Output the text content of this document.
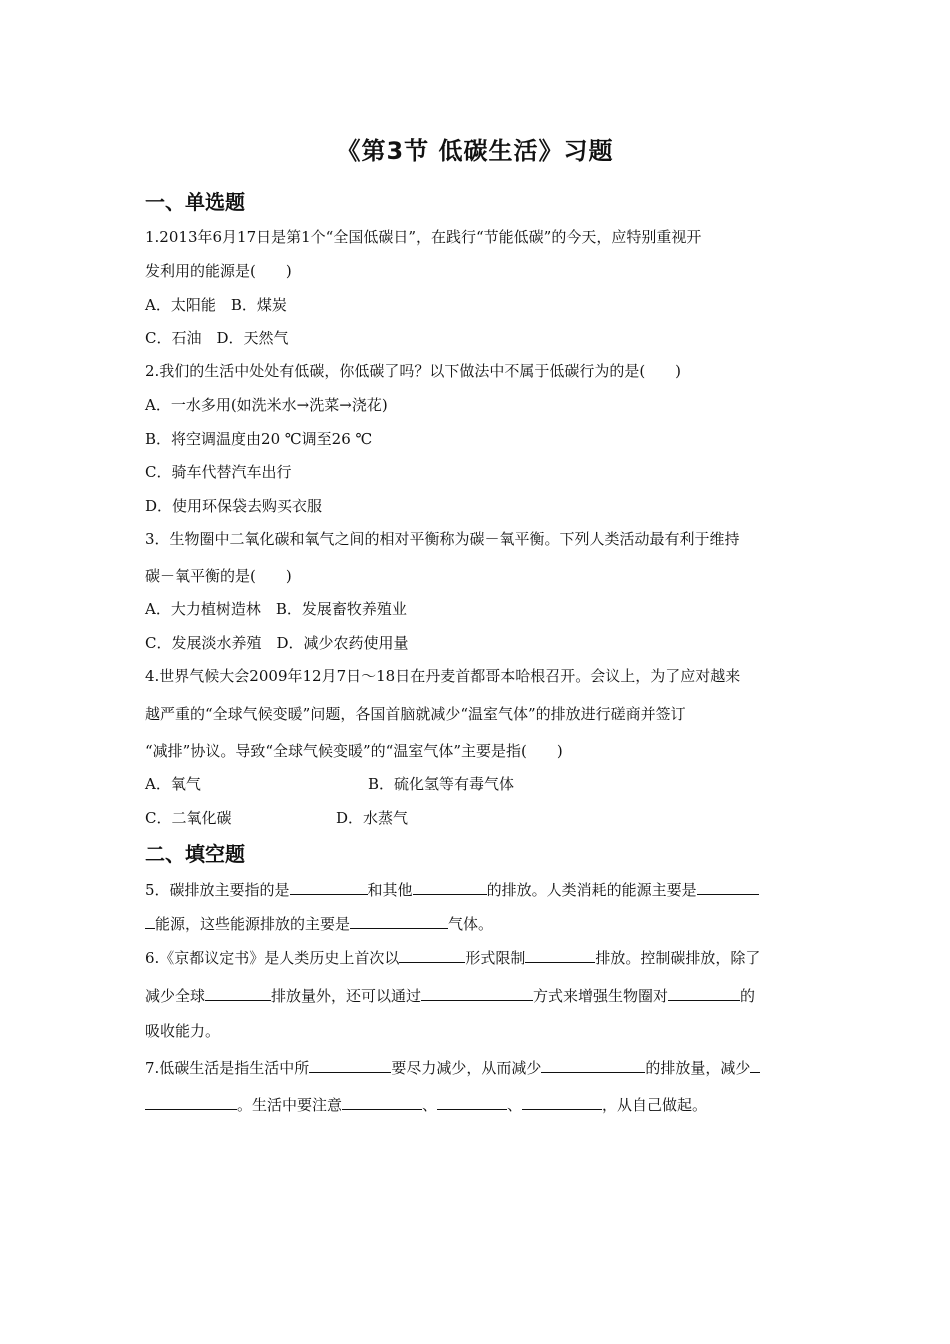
《第3节 低碳生活》习题
一、单选题
1.2013年6月17日是第1个“全国低碳日”，在践行“节能低碳”的今天，应特别重视开
发利用的能源是(　　)
A．太阳能　B．煤炭
C．石油　D．天然气
2.我们的生活中处处有低碳，你低碳了吗？以下做法中不属于低碳行为的是(　　)
A．一水多用(如洗米水→洗菜→浇花)
B．将空调温度由20 ℃调至26 ℃
C．骑车代替汽车出行
D．使用环保袋去购买衣服
3．生物圈中二氧化碳和氧气之间的相对平衡称为碳－氧平衡。下列人类活动最有利于维持
碳－氧平衡的是(　　)
A．大力植树造林　B．发展畜牧养殖业
C．发展淡水养殖　D．减少农药使用量
4.世界气候大会2009年12月7日～18日在丹麦首都哥本哈根召开。会议上，为了应对越来
越严重的“全球气候变暖”问题，各国首脑就减少“温室气体”的排放进行磋商并签订
“减排”协议。导致“全球气候变暖”的“温室气体”主要是指(　　)
A．氧气	B．硫化氢等有毒气体
C．二氧化碳	D．水蒸气
二、填空题
5．碳排放主要指的是	和其他	的排放。人类消耗的能源主要是
能源，这些能源排放的主要是	气体。
6.《京都议定书》是人类历史上首次以	形式限制	排放。控制碳排放，除了
减少全球	排放量外，还可以通过	方式来增强生物圈对	的
吸收能力。
7.低碳生活是指生活中所	要尽力减少，从而减少	的排放量，减少
。生活中要注意	、	、	，从自己做起。
